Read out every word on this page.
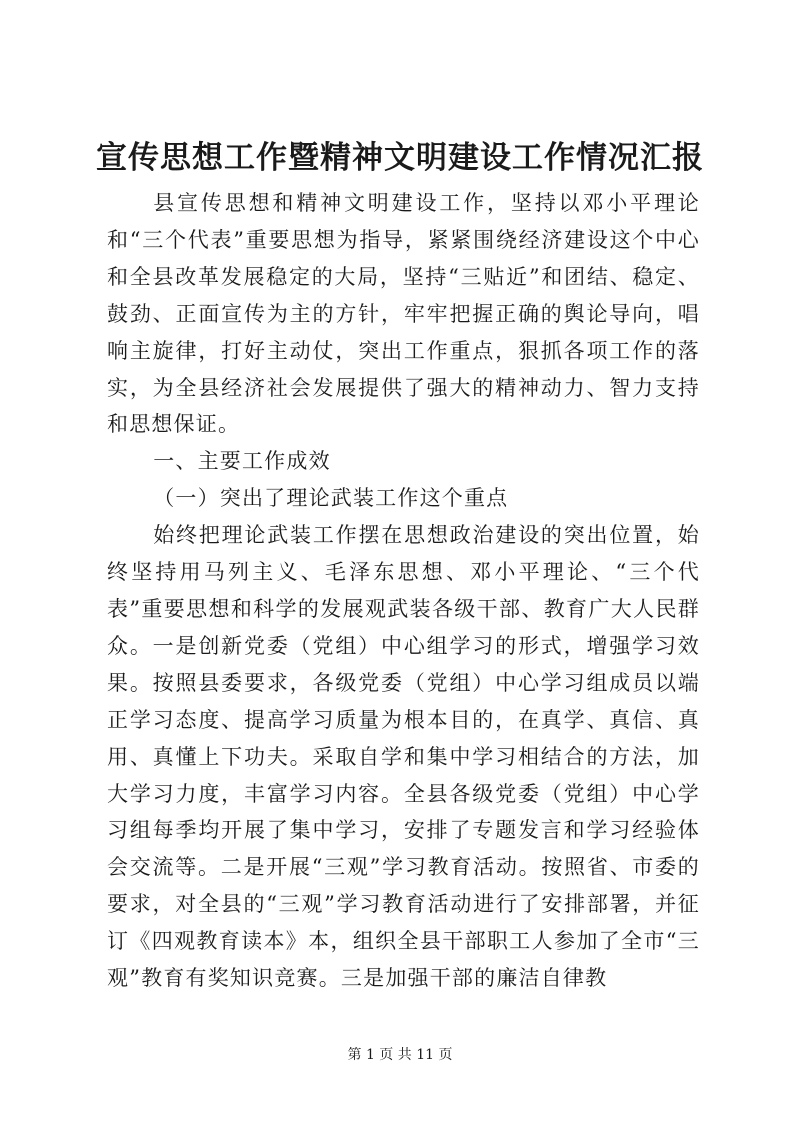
宣传思想工作暨精神文明建设工作情况汇报

县宣传思想和精神文明建设工作，坚持以邓小平理论和“三个代表”重要思想为指导，紧紧围绕经济建设这个中心和全县改革发展稳定的大局，坚持“三贴近”和团结、稳定、鼓劲、正面宣传为主的方针，牢牢把握正确的舆论导向，唱响主旋律，打好主动仗，突出工作重点，狠抓各项工作的落实，为全县经济社会发展提供了强大的精神动力、智力支持和思想保证。

一、主要工作成效

（一）突出了理论武装工作这个重点

始终把理论武装工作摆在思想政治建设的突出位置，始终坚持用马列主义、毛泽东思想、邓小平理论、“三个代表”重要思想和科学的发展观武装各级干部、教育广大人民群众。一是创新党委（党组）中心组学习的形式，增强学习效果。按照县委要求，各级党委（党组）中心学习组成员以端正学习态度、提高学习质量为根本目的，在真学、真信、真用、真懂上下功夫。采取自学和集中学习相结合的方法，加大学习力度，丰富学习内容。全县各级党委（党组）中心学习组每季均开展了集中学习，安排了专题发言和学习经验体会交流等。二是开展“三观”学习教育活动。按照省、市委的要求，对全县的“三观”学习教育活动进行了安排部署，并征订《四观教育读本》本，组织全县干部职工人参加了全市“三观”教育有奖知识竞赛。三是加强干部的廉洁自律教

第 1 页 共 11 页
